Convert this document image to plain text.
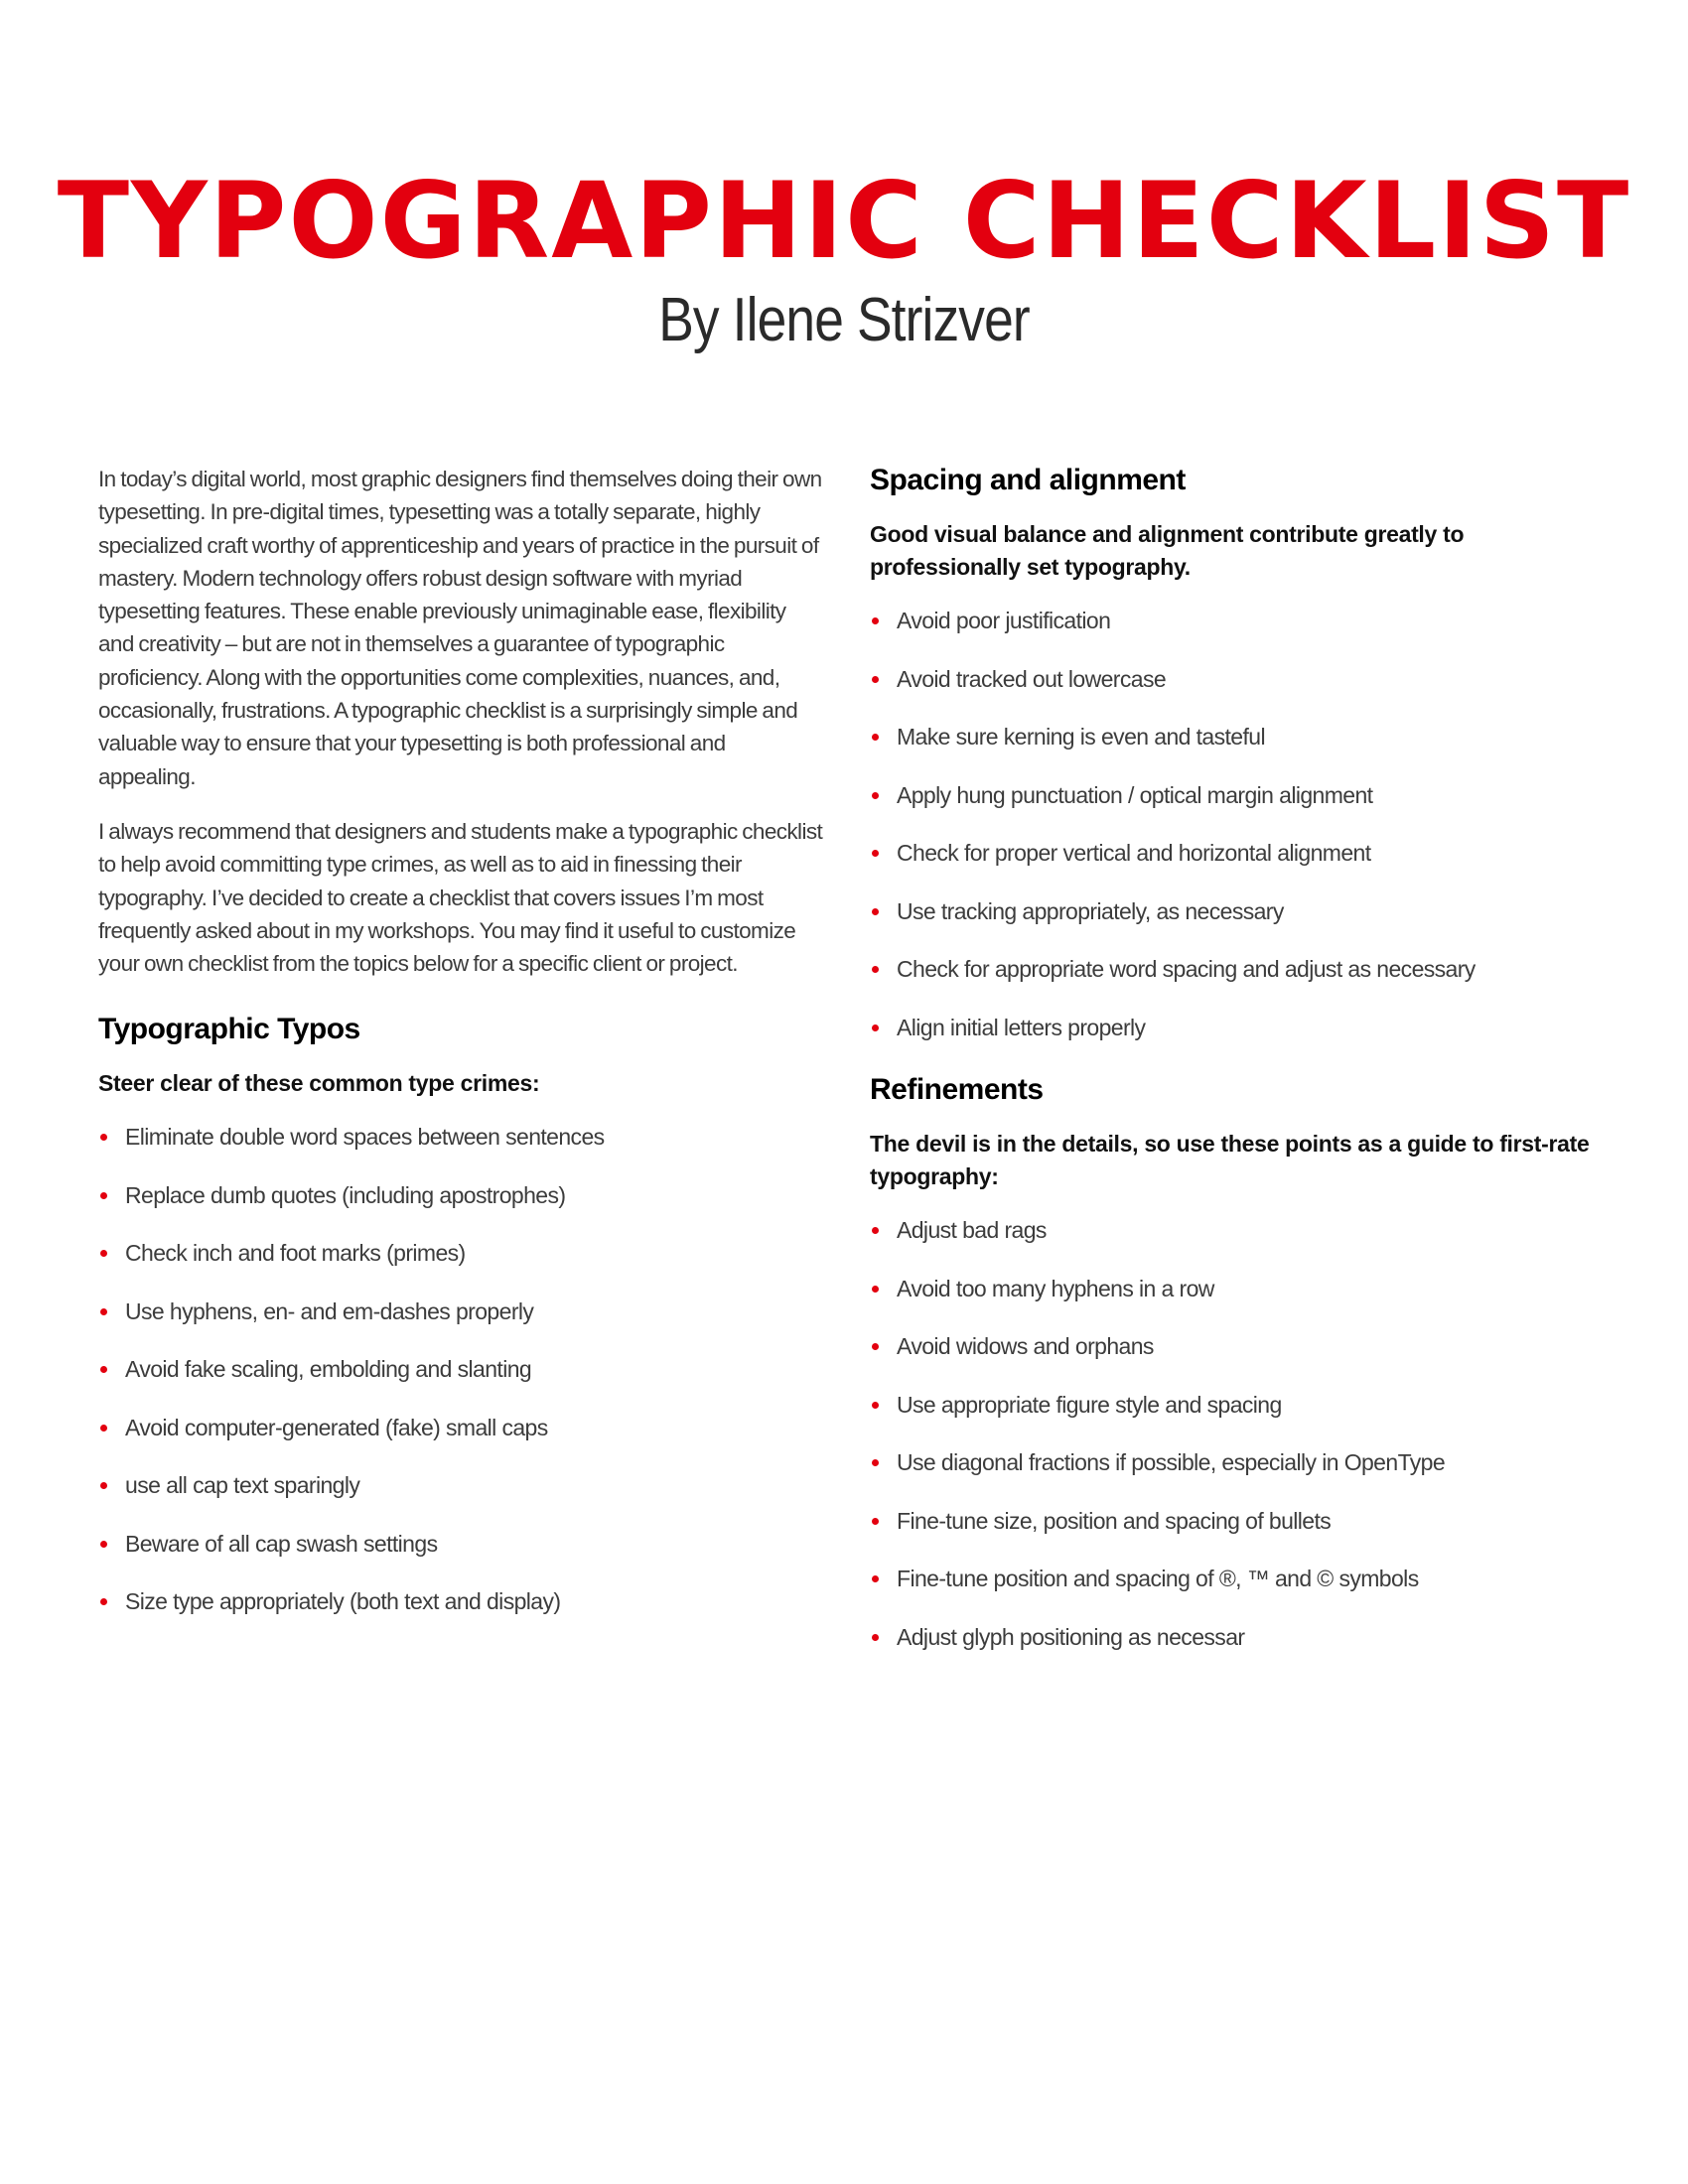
TYPOGRAPHIC CHECKLIST
By Ilene Strizver

In today’s digital world, most graphic designers find themselves doing their own typesetting. In pre-digital times, typesetting was a totally separate, highly specialized craft worthy of apprenticeship and years of practice in the pursuit of mastery. Modern technology offers robust design software with myriad typesetting features. These enable previously unimaginable ease, flexibility and creativity – but are not in themselves a guarantee of typographic proficiency. Along with the opportunities come complexities, nuances, and, occasionally, frustrations. A typographic checklist is a surprisingly simple and valuable way to ensure that your typesetting is both professional and appealing.

I always recommend that designers and students make a typographic checklist to help avoid committing type crimes, as well as to aid in finessing their typography. I’ve decided to create a checklist that covers issues I’m most frequently asked about in my workshops. You may find it useful to customize your own checklist from the topics below for a specific client or project.

Typographic Typos

Steer clear of these common type crimes:

Eliminate double word spaces between sentences
Replace dumb quotes (including apostrophes)
Check inch and foot marks (primes)
Use hyphens, en- and em-dashes properly
Avoid fake scaling, embolding and slanting
Avoid computer-generated (fake) small caps
use all cap text sparingly
Beware of all cap swash settings
Size type appropriately (both text and display)
Spacing and alignment

Good visual balance and alignment contribute greatly to professionally set typography.

Avoid poor justification
Avoid tracked out lowercase
Make sure kerning is even and tasteful
Apply hung punctuation / optical margin alignment
Check for proper vertical and horizontal alignment
Use tracking appropriately, as necessary
Check for appropriate word spacing and adjust as necessary
Align initial letters properly
Refinements

The devil is in the details, so use these points as a guide to first-rate typography:

Adjust bad rags
Avoid too many hyphens in a row
Avoid widows and orphans
Use appropriate figure style and spacing
Use diagonal fractions if possible, especially in OpenType
Fine-tune size, position and spacing of bullets
Fine-tune position and spacing of ®, ™ and © symbols
Adjust glyph positioning as necessar
